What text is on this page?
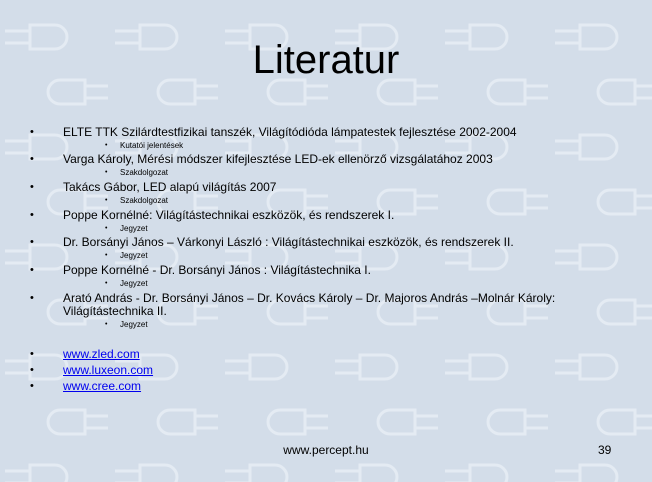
Literatur
• ELTE TTK Szilárdtestfizikai tanszék, Világítódióda lámpatestek fejlesztése 2002-2004
• Kutatói jelentések
• Varga Károly, Mérési módszer kifejlesztése LED-ek ellenörző vizsgálatához 2003
• Szakdolgozat
• Takács Gábor, LED alapú világítás 2007
• Szakdolgozat
• Poppe Kornélné: Világítástechnikai eszközök, és rendszerek I.
• Jegyzet
• Dr. Borsányi János – Várkonyi László : Világítástechnikai eszközök, és rendszerek II.
• Jegyzet
• Poppe Kornélné - Dr. Borsányi János : Világítástechnika I.
• Jegyzet
• Arató András - Dr. Borsányi János – Dr. Kovács Károly – Dr. Majoros András –Molnár Károly:
Világítástechnika II.
• Jegyzet
• www.zled.com
• www.luxeon.com
• www.cree.com
www.percept.hu	39
